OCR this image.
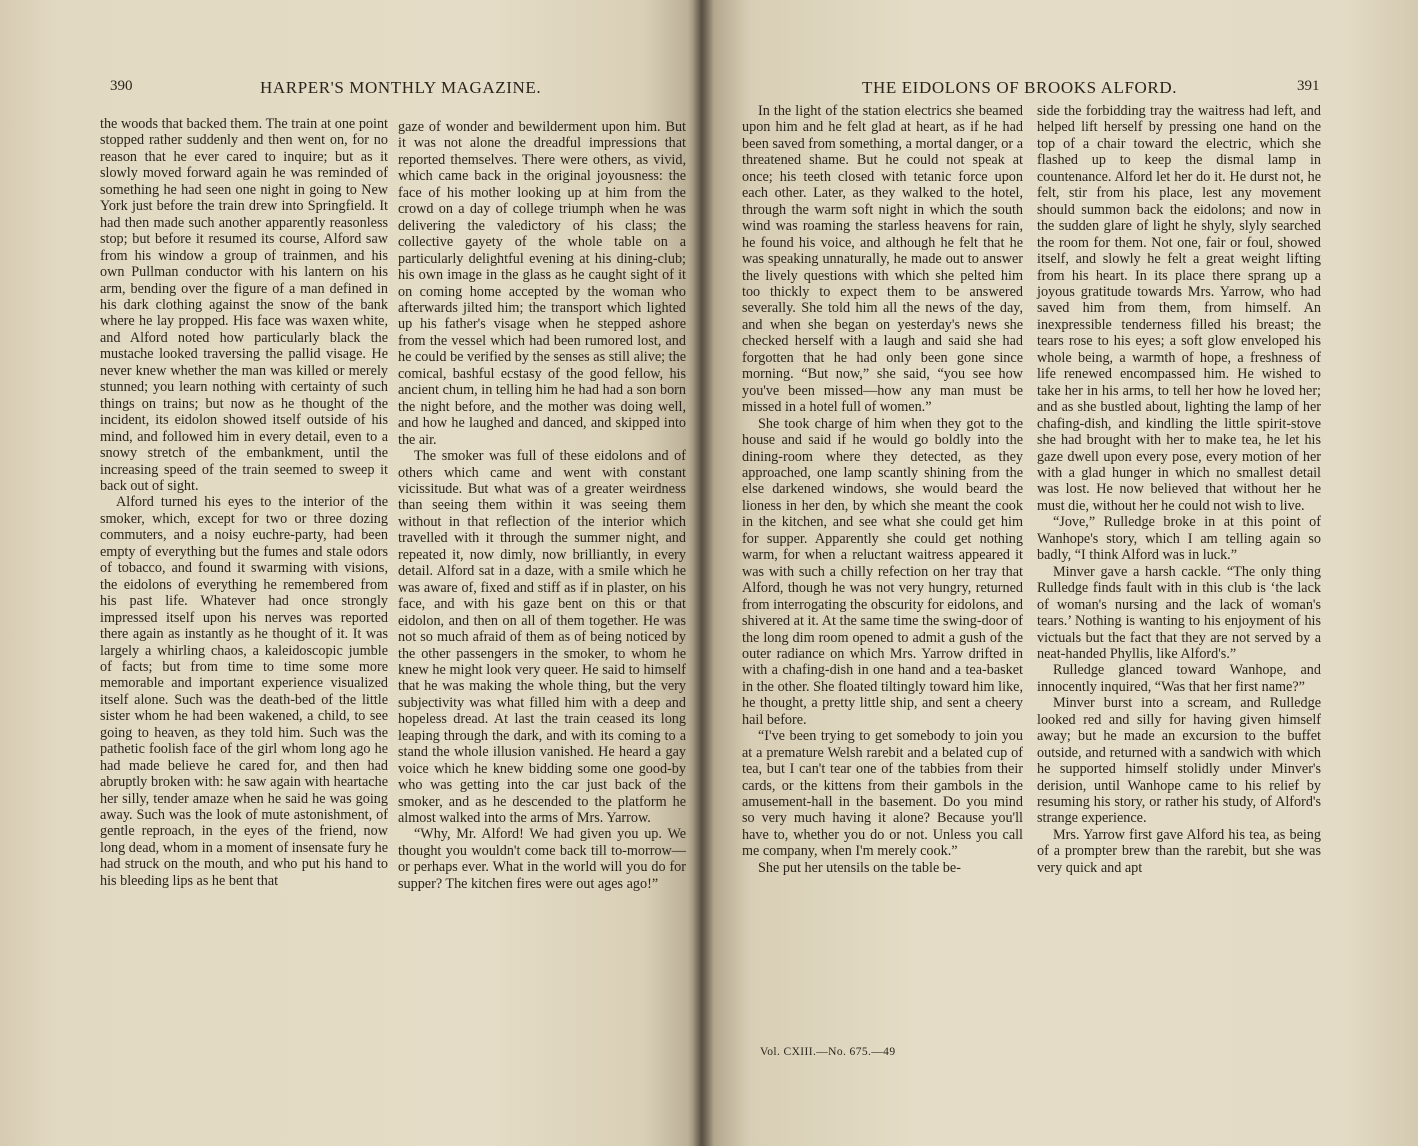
390	HARPER'S MONTHLY MAGAZINE.

the woods that backed them. The train at one point stopped rather suddenly and then went on, for no reason that he ever cared to inquire; but as it slowly moved forward again he was reminded of something he had seen one night in going to New York just before the train drew into Springfield. It had then made such another apparently reasonless stop; but before it resumed its course, Alford saw from his window a group of trainmen, and his own Pullman conductor with his lantern on his arm, bending over the figure of a man defined in his dark clothing against the snow of the bank where he lay propped. His face was waxen white, and Alford noted how particularly black the mustache looked traversing the pallid visage. He never knew whether the man was killed or merely stunned; you learn nothing with certainty of such things on trains; but now as he thought of the incident, its eidolon showed itself outside of his mind, and followed him in every detail, even to a snowy stretch of the embankment, until the increasing speed of the train seemed to sweep it back out of sight.

Alford turned his eyes to the interior of the smoker, which, except for two or three dozing commuters, and a noisy euchre-party, had been empty of everything but the fumes and stale odors of tobacco, and found it swarming with visions, the eidolons of everything he remembered from his past life. Whatever had once strongly impressed itself upon his nerves was reported there again as instantly as he thought of it. It was largely a whirling chaos, a kaleidoscopic jumble of facts; but from time to time some more memorable and important experience visualized itself alone. Such was the death-bed of the little sister whom he had been wakened, a child, to see going to heaven, as they told him. Such was the pathetic foolish face of the girl whom long ago he had made believe he cared for, and then had abruptly broken with: he saw again with heartache her silly, tender amaze when he said he was going away. Such was the look of mute astonishment, of gentle reproach, in the eyes of the friend, now long dead, whom in a moment of insensate fury he had struck on the mouth, and who put his hand to his bleeding lips as he bent that

gaze of wonder and bewilderment upon him. But it was not alone the dreadful impressions that reported themselves. There were others, as vivid, which came back in the original joyousness: the face of his mother looking up at him from the crowd on a day of college triumph when he was delivering the valedictory of his class; the collective gayety of the whole table on a particularly delightful evening at his dining-club; his own image in the glass as he caught sight of it on coming home accepted by the woman who afterwards jilted him; the transport which lighted up his father's visage when he stepped ashore from the vessel which had been rumored lost, and he could be verified by the senses as still alive; the comical, bashful ecstasy of the good fellow, his ancient chum, in telling him he had had a son born the night before, and the mother was doing well, and how he laughed and danced, and skipped into the air.

The smoker was full of these eidolons and of others which came and went with constant vicissitude. But what was of a greater weirdness than seeing them within it was seeing them without in that reflection of the interior which travelled with it through the summer night, and repeated it, now dimly, now brilliantly, in every detail. Alford sat in a daze, with a smile which he was aware of, fixed and stiff as if in plaster, on his face, and with his gaze bent on this or that eidolon, and then on all of them together. He was not so much afraid of them as of being noticed by the other passengers in the smoker, to whom he knew he might look very queer. He said to himself that he was making the whole thing, but the very subjectivity was what filled him with a deep and hopeless dread. At last the train ceased its long leaping through the dark, and with its coming to a stand the whole illusion vanished. He heard a gay voice which he knew bidding some one good-by who was getting into the car just back of the smoker, and as he descended to the platform he almost walked into the arms of Mrs. Yarrow.

“Why, Mr. Alford! We had given you up. We thought you wouldn't come back till to-morrow—or perhaps ever. What in the world will you do for supper? The kitchen fires were out ages ago!”

THE EIDOLONS OF BROOKS ALFORD.	391

In the light of the station electrics she beamed upon him and he felt glad at heart, as if he had been saved from something, a mortal danger, or a threatened shame. But he could not speak at once; his teeth closed with tetanic force upon each other. Later, as they walked to the hotel, through the warm soft night in which the south wind was roaming the starless heavens for rain, he found his voice, and although he felt that he was speaking unnaturally, he made out to answer the lively questions with which she pelted him too thickly to expect them to be answered severally. She told him all the news of the day, and when she began on yesterday's news she checked herself with a laugh and said she had forgotten that he had only been gone since morning. “But now,” she said, “you see how you've been missed—how any man must be missed in a hotel full of women.”

She took charge of him when they got to the house and said if he would go boldly into the dining-room where they detected, as they approached, one lamp scantly shining from the else darkened windows, she would beard the lioness in her den, by which she meant the cook in the kitchen, and see what she could get him for supper. Apparently she could get nothing warm, for when a reluctant waitress appeared it was with such a chilly refection on her tray that Alford, though he was not very hungry, returned from interrogating the obscurity for eidolons, and shivered at it. At the same time the swing-door of the long dim room opened to admit a gush of the outer radiance on which Mrs. Yarrow drifted in with a chafing-dish in one hand and a tea-basket in the other. She floated tiltingly toward him like, he thought, a pretty little ship, and sent a cheery hail before.

“I've been trying to get somebody to join you at a premature Welsh rarebit and a belated cup of tea, but I can't tear one of the tabbies from their cards, or the kittens from their gambols in the amusement-hall in the basement. Do you mind so very much having it alone? Because you'll have to, whether you do or not. Unless you call me company, when I'm merely cook.”

She put her utensils on the table be-

Vol. CXIII.—No. 675.—49

side the forbidding tray the waitress had left, and helped lift herself by pressing one hand on the top of a chair toward the electric, which she flashed up to keep the dismal lamp in countenance. Alford let her do it. He durst not, he felt, stir from his place, lest any movement should summon back the eidolons; and now in the sudden glare of light he shyly, slyly searched the room for them. Not one, fair or foul, showed itself, and slowly he felt a great weight lifting from his heart. In its place there sprang up a joyous gratitude towards Mrs. Yarrow, who had saved him from them, from himself. An inexpressible tenderness filled his breast; the tears rose to his eyes; a soft glow enveloped his whole being, a warmth of hope, a freshness of life renewed encompassed him. He wished to take her in his arms, to tell her how he loved her; and as she bustled about, lighting the lamp of her chafing-dish, and kindling the little spirit-stove she had brought with her to make tea, he let his gaze dwell upon every pose, every motion of her with a glad hunger in which no smallest detail was lost. He now believed that without her he must die, without her he could not wish to live.

“Jove,” Rulledge broke in at this point of Wanhope's story, which I am telling again so badly, “I think Alford was in luck.”

Minver gave a harsh cackle. “The only thing Rulledge finds fault with in this club is ‘the lack of woman's nursing and the lack of woman's tears.’ Nothing is wanting to his enjoyment of his victuals but the fact that they are not served by a neat-handed Phyllis, like Alford's.”

Rulledge glanced toward Wanhope, and innocently inquired, “Was that her first name?”

Minver burst into a scream, and Rulledge looked red and silly for having given himself away; but he made an excursion to the buffet outside, and returned with a sandwich with which he supported himself stolidly under Minver's derision, until Wanhope came to his relief by resuming his story, or rather his study, of Alford's strange experience.

Mrs. Yarrow first gave Alford his tea, as being of a prompter brew than the rarebit, but she was very quick and apt
